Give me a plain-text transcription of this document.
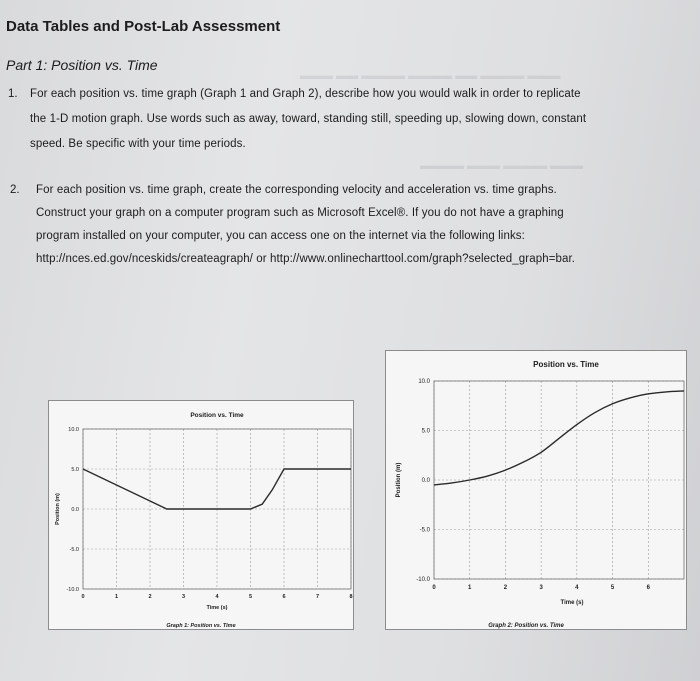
Data Tables and Post-Lab Assessment
Part 1: Position vs. Time
▬▬▬ ▬▬ ▬▬▬▬ ▬▬▬▬ ▬▬ ▬▬▬▬ ▬▬▬
▬▬▬▬ ▬▬▬ ▬▬▬▬ ▬▬▬
1. For each position vs. time graph (Graph 1 and Graph 2), describe how you would walk in order to replicate
the 1-D motion graph. Use words such as away, toward, standing still, speeding up, slowing down, constant
speed. Be specific with your time periods.
2. For each position vs. time graph, create the corresponding velocity and acceleration vs. time graphs.
Construct your graph on a computer program such as Microsoft Excel®. If you do not have a graphing
program installed on your computer, you can access one on the internet via the following links:
http://nces.ed.gov/nceskids/createagraph/ or http://www.onlinecharttool.com/graph?selected_graph=bar.
Position vs. Time
0	1	2	3	4	5	6	7	8
10.0
5.0
0.0
-5.0
-10.0
Time (s)
Position (m)
Graph 1: Position vs. Time
Position vs. Time
0	1	2	3	4	5	6
10.0
5.0
0.0
-5.0
-10.0
Time (s)
Position (m)
Graph 2: Position vs. Time
